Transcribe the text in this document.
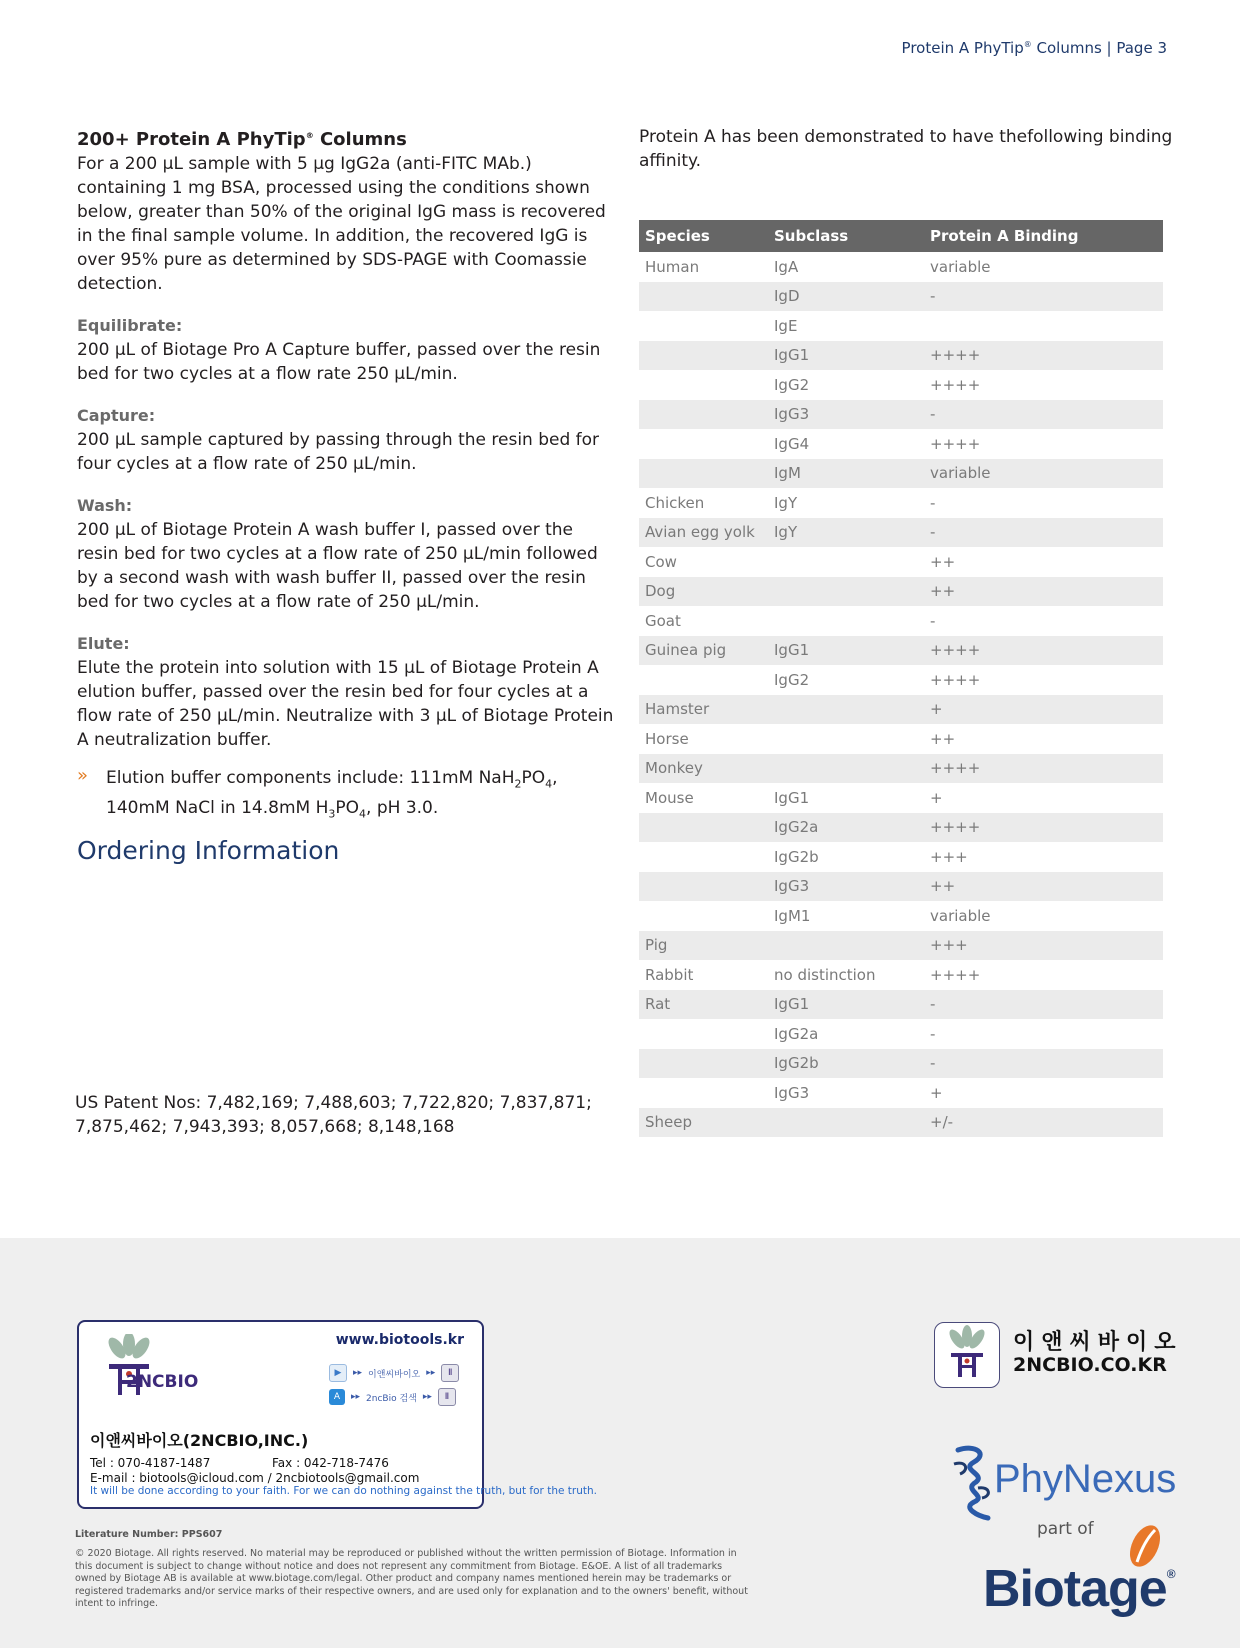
Protein A PhyTip® Columns | Page 3
200+ Protein A PhyTip® Columns

For a 200 µL sample with 5 µg IgG2a (anti-FITC MAb.) containing 1 mg BSA, processed using the conditions shown below, greater than 50% of the original IgG mass is recovered in the final sample volume. In addition, the recovered IgG is over 95% pure as determined by SDS-PAGE with Coomassie detection.

Equilibrate:

200 µL of Biotage Pro A Capture buffer, passed over the resin bed for two cycles at a flow rate 250 µL/min.

Capture:

200 µL sample captured by passing through the resin bed for four cycles at a flow rate of 250 µL/min.

Wash:

200 µL of Biotage Protein A wash buffer I, passed over the resin bed for two cycles at a flow rate of 250 µL/min followed by a second wash with wash buffer II, passed over the resin bed for two cycles at a flow rate of 250 µL/min.

Elute:

Elute the protein into solution with 15 µL of Biotage Protein A elution buffer, passed over the resin bed for four cycles at a flow rate of 250 µL/min. Neutralize with 3 µL of Biotage Protein A neutralization buffer.

» Elution buffer components include: 111mM $NaH_2PO_4$, 140mM NaCl in 14.8mM $H_3PO_4$, pH 3.0.
Ordering Information

US Patent Nos: 7,482,169; 7,488,603; 7,722,820; 7,837,871; 7,875,462; 7,943,393; 8,057,668; 8,148,168

Protein A has been demonstrated to have thefollowing binding affinity.

Species	Subclass	Protein A Binding
Human	IgA	variable
	IgD	-
	IgE	
	IgG1	++++
	IgG2	++++
	IgG3	-
	IgG4	++++
	IgM	variable
Chicken	IgY	-
Avian egg yolk	IgY	-
Cow		++
Dog		++
Goat		-
Guinea pig	IgG1	++++
	IgG2	++++
Hamster		+
Horse		++
Monkey		++++
Mouse	IgG1	+
	IgG2a	++++
	IgG2b	+++
	IgG3	++
	IgM1	variable
Pig		+++
Rabbit	no distinction	++++
Rat	IgG1	-
	IgG2a	-
	IgG2b	-
	IgG3	+
Sheep		+/-
2NCBIO
www.biotools.kr
▶	▸▸ 이앤씨바이오 ▸▸	Ⅱ
A	▸▸ 2ncBio 검색 ▸▸	Ⅱ
이앤씨바이오(2NCBIO,INC.)
Tel : 070-4187-1487	Fax : 042-718-7476
E-mail : biotools@icloud.com / 2ncbiotools@gmail.com
It will be done according to your faith. For we can do nothing against the truth, but for the truth.

Literature Number: PPS607

© 2020 Biotage. All rights reserved. No material may be reproduced or published without the written permission of Biotage. Information in this document is subject to change without notice and does not represent any commitment from Biotage. E&OE. A list of all trademarks owned by Biotage AB is available at www.biotage.com/legal. Other product and company names mentioned herein may be trademarks or registered trademarks and/or service marks of their respective owners, and are used only for explanation and to the owners' benefit, without intent to infringe.

이앤씨바이오

2NCBIO.CO.KR

PhyNexus

part of

Biotage®
